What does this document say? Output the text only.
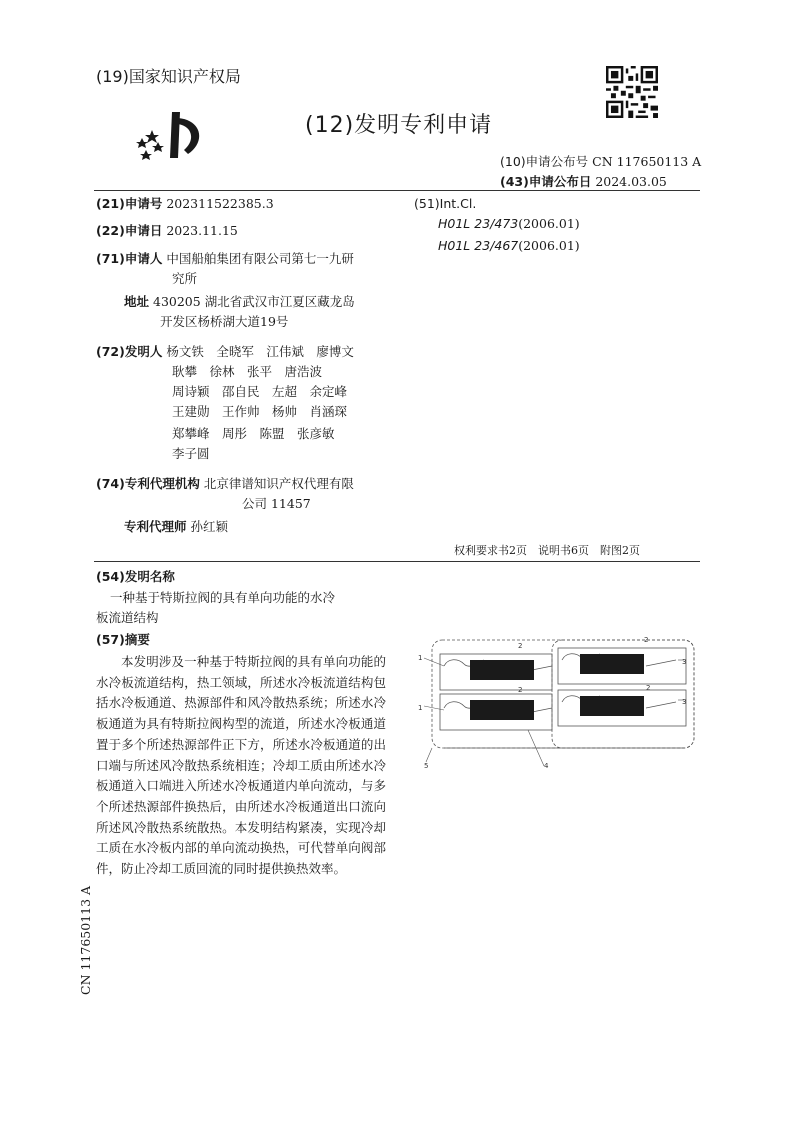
(19)国家知识产权局
(12)发明专利申请
(10)申请公布号 CN 117650113 A
(43)申请公布日 2024.03.05
(21)申请号 202311522385.3
(22)申请日 2023.11.15
(71)申请人 中国船舶集团有限公司第七一九研
究所
地址 430205 湖北省武汉市江夏区藏龙岛
开发区杨桥湖大道19号
(72)发明人 杨文铁　全晓军　江伟斌　廖博文
耿攀　徐林　张平　唐浩波
周诗颖　邵自民　左超　余定峰
王建勋　王作帅　杨帅　肖涵琛
郑攀峰　周彤　陈盟　张彦敏
李子圆
(74)专利代理机构 北京律谱知识产权代理有限
公司 11457
专利代理师 孙红颖
(51)Int.Cl.
H01L 23/473(2006.01)
H01L 23/467(2006.01)
权利要求书2页　说明书6页　附图2页
(54)发明名称
一种基于特斯拉阀的具有单向功能的水冷
板流道结构
(57)摘要
本发明涉及一种基于特斯拉阀的具有单向功能的水冷板流道结构，热工领域，所述水冷板流道结构包括水冷板通道、热源部件和风冷散热系统；所述水冷板通道为具有特斯拉阀构型的流道，所述水冷板通道置于多个所述热源部件正下方，所述水冷板通道的出口端与所述风冷散热系统相连；冷却工质由所述水冷板通道入口端进入所述水冷板通道内单向流动，与多个所述热源部件换热后，由所述水冷板通道出口流向所述风冷散热系统散热。本发明结构紧凑，实现冷却工质在水冷板内部的单向流动换热，可代替单向阀部件，防止冷却工质回流的同时提供换热效率。
1
2
2
3
2
1
2
3
4
5
CN 117650113 A
